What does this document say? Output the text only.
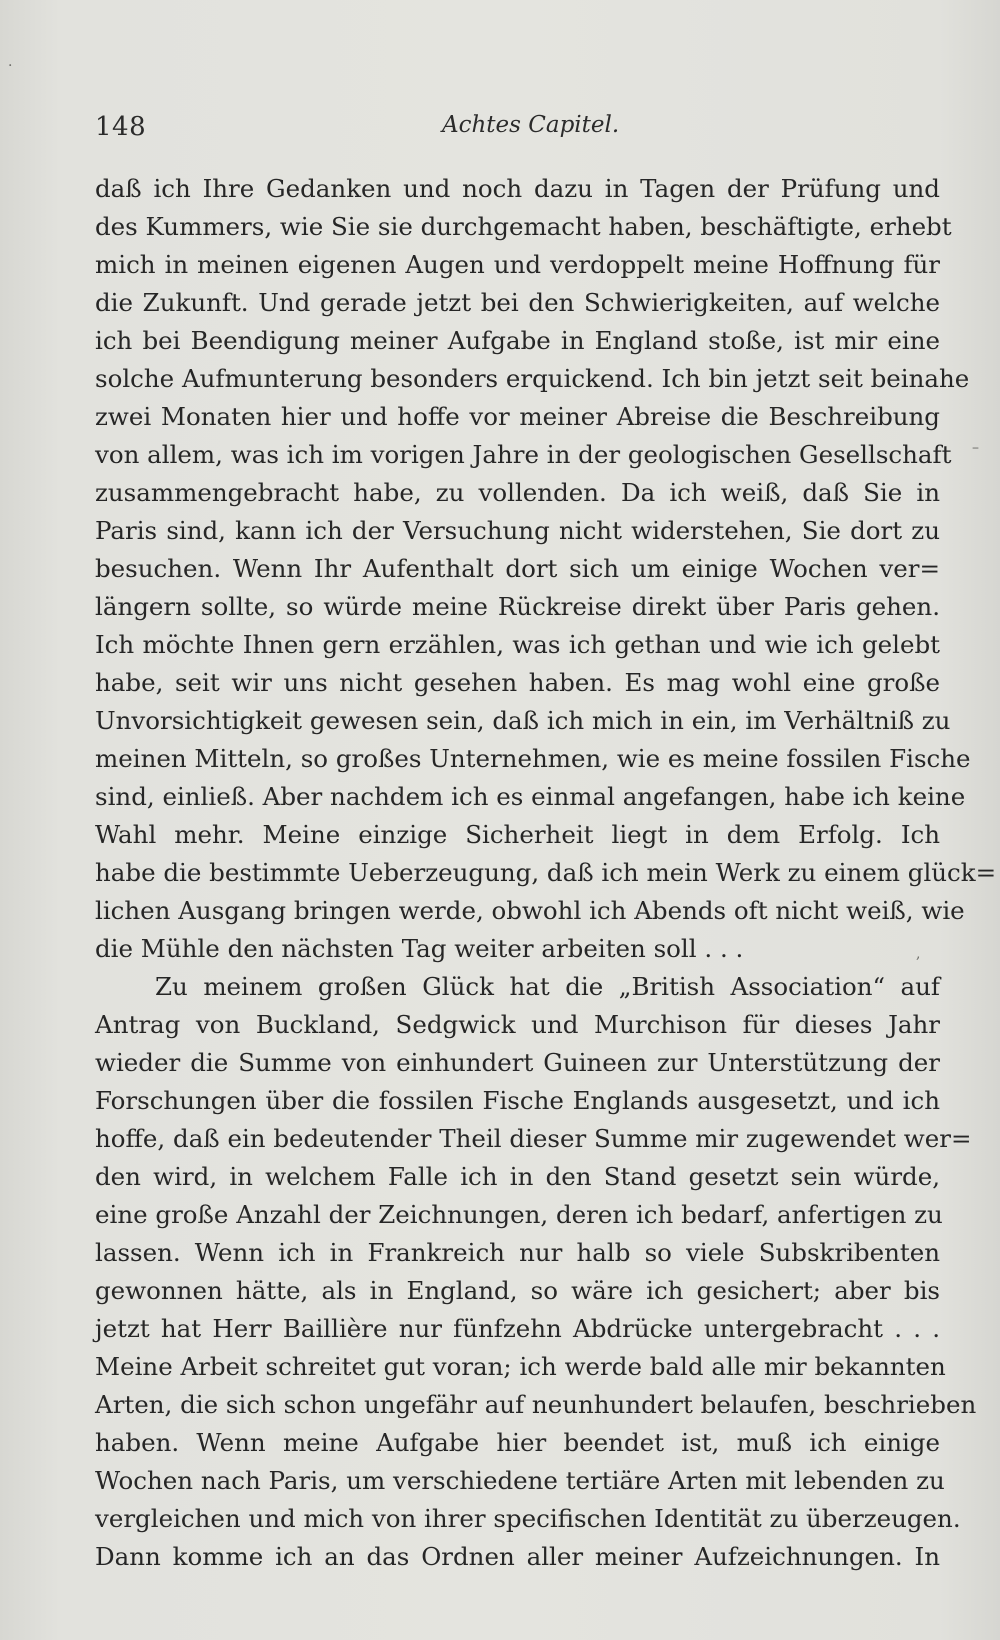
148	Achtes Capitel.
daß ich Ihre Gedanken und noch dazu in Tagen der Prüfung und
des Kummers, wie Sie sie durchgemacht haben, beschäftigte, erhebt
mich in meinen eigenen Augen und verdoppelt meine Hoffnung für
die Zukunft. Und gerade jetzt bei den Schwierigkeiten, auf welche
ich bei Beendigung meiner Aufgabe in England stoße, ist mir eine
solche Aufmunterung besonders erquickend. Ich bin jetzt seit beinahe
zwei Monaten hier und hoffe vor meiner Abreise die Beschreibung
von allem, was ich im vorigen Jahre in der geologischen Gesellschaft
zusammengebracht habe, zu vollenden. Da ich weiß, daß Sie in
Paris sind, kann ich der Versuchung nicht widerstehen, Sie dort zu
besuchen. Wenn Ihr Aufenthalt dort sich um einige Wochen ver=
längern sollte, so würde meine Rückreise direkt über Paris gehen.
Ich möchte Ihnen gern erzählen, was ich gethan und wie ich gelebt
habe, seit wir uns nicht gesehen haben. Es mag wohl eine große
Unvorsichtigkeit gewesen sein, daß ich mich in ein, im Verhältniß zu
meinen Mitteln, so großes Unternehmen, wie es meine fossilen Fische
sind, einließ. Aber nachdem ich es einmal angefangen, habe ich keine
Wahl mehr. Meine einzige Sicherheit liegt in dem Erfolg. Ich
habe die bestimmte Ueberzeugung, daß ich mein Werk zu einem glück=
lichen Ausgang bringen werde, obwohl ich Abends oft nicht weiß, wie
die Mühle den nächsten Tag weiter arbeiten soll . . .
Zu meinem großen Glück hat die „British Association“ auf
Antrag von Buckland, Sedgwick und Murchison für dieses Jahr
wieder die Summe von einhundert Guineen zur Unterstützung der
Forschungen über die fossilen Fische Englands ausgesetzt, und ich
hoffe, daß ein bedeutender Theil dieser Summe mir zugewendet wer=
den wird, in welchem Falle ich in den Stand gesetzt sein würde,
eine große Anzahl der Zeichnungen, deren ich bedarf, anfertigen zu
lassen. Wenn ich in Frankreich nur halb so viele Subskribenten
gewonnen hätte, als in England, so wäre ich gesichert; aber bis
jetzt hat Herr Baillière nur fünfzehn Abdrücke untergebracht . . .
Meine Arbeit schreitet gut voran; ich werde bald alle mir bekannten
Arten, die sich schon ungefähr auf neunhundert belaufen, beschrieben
haben. Wenn meine Aufgabe hier beendet ist, muß ich einige
Wochen nach Paris, um verschiedene tertiäre Arten mit lebenden zu
vergleichen und mich von ihrer specifischen Identität zu überzeugen.
Dann komme ich an das Ordnen aller meiner Aufzeichnungen. In
·
–
,
